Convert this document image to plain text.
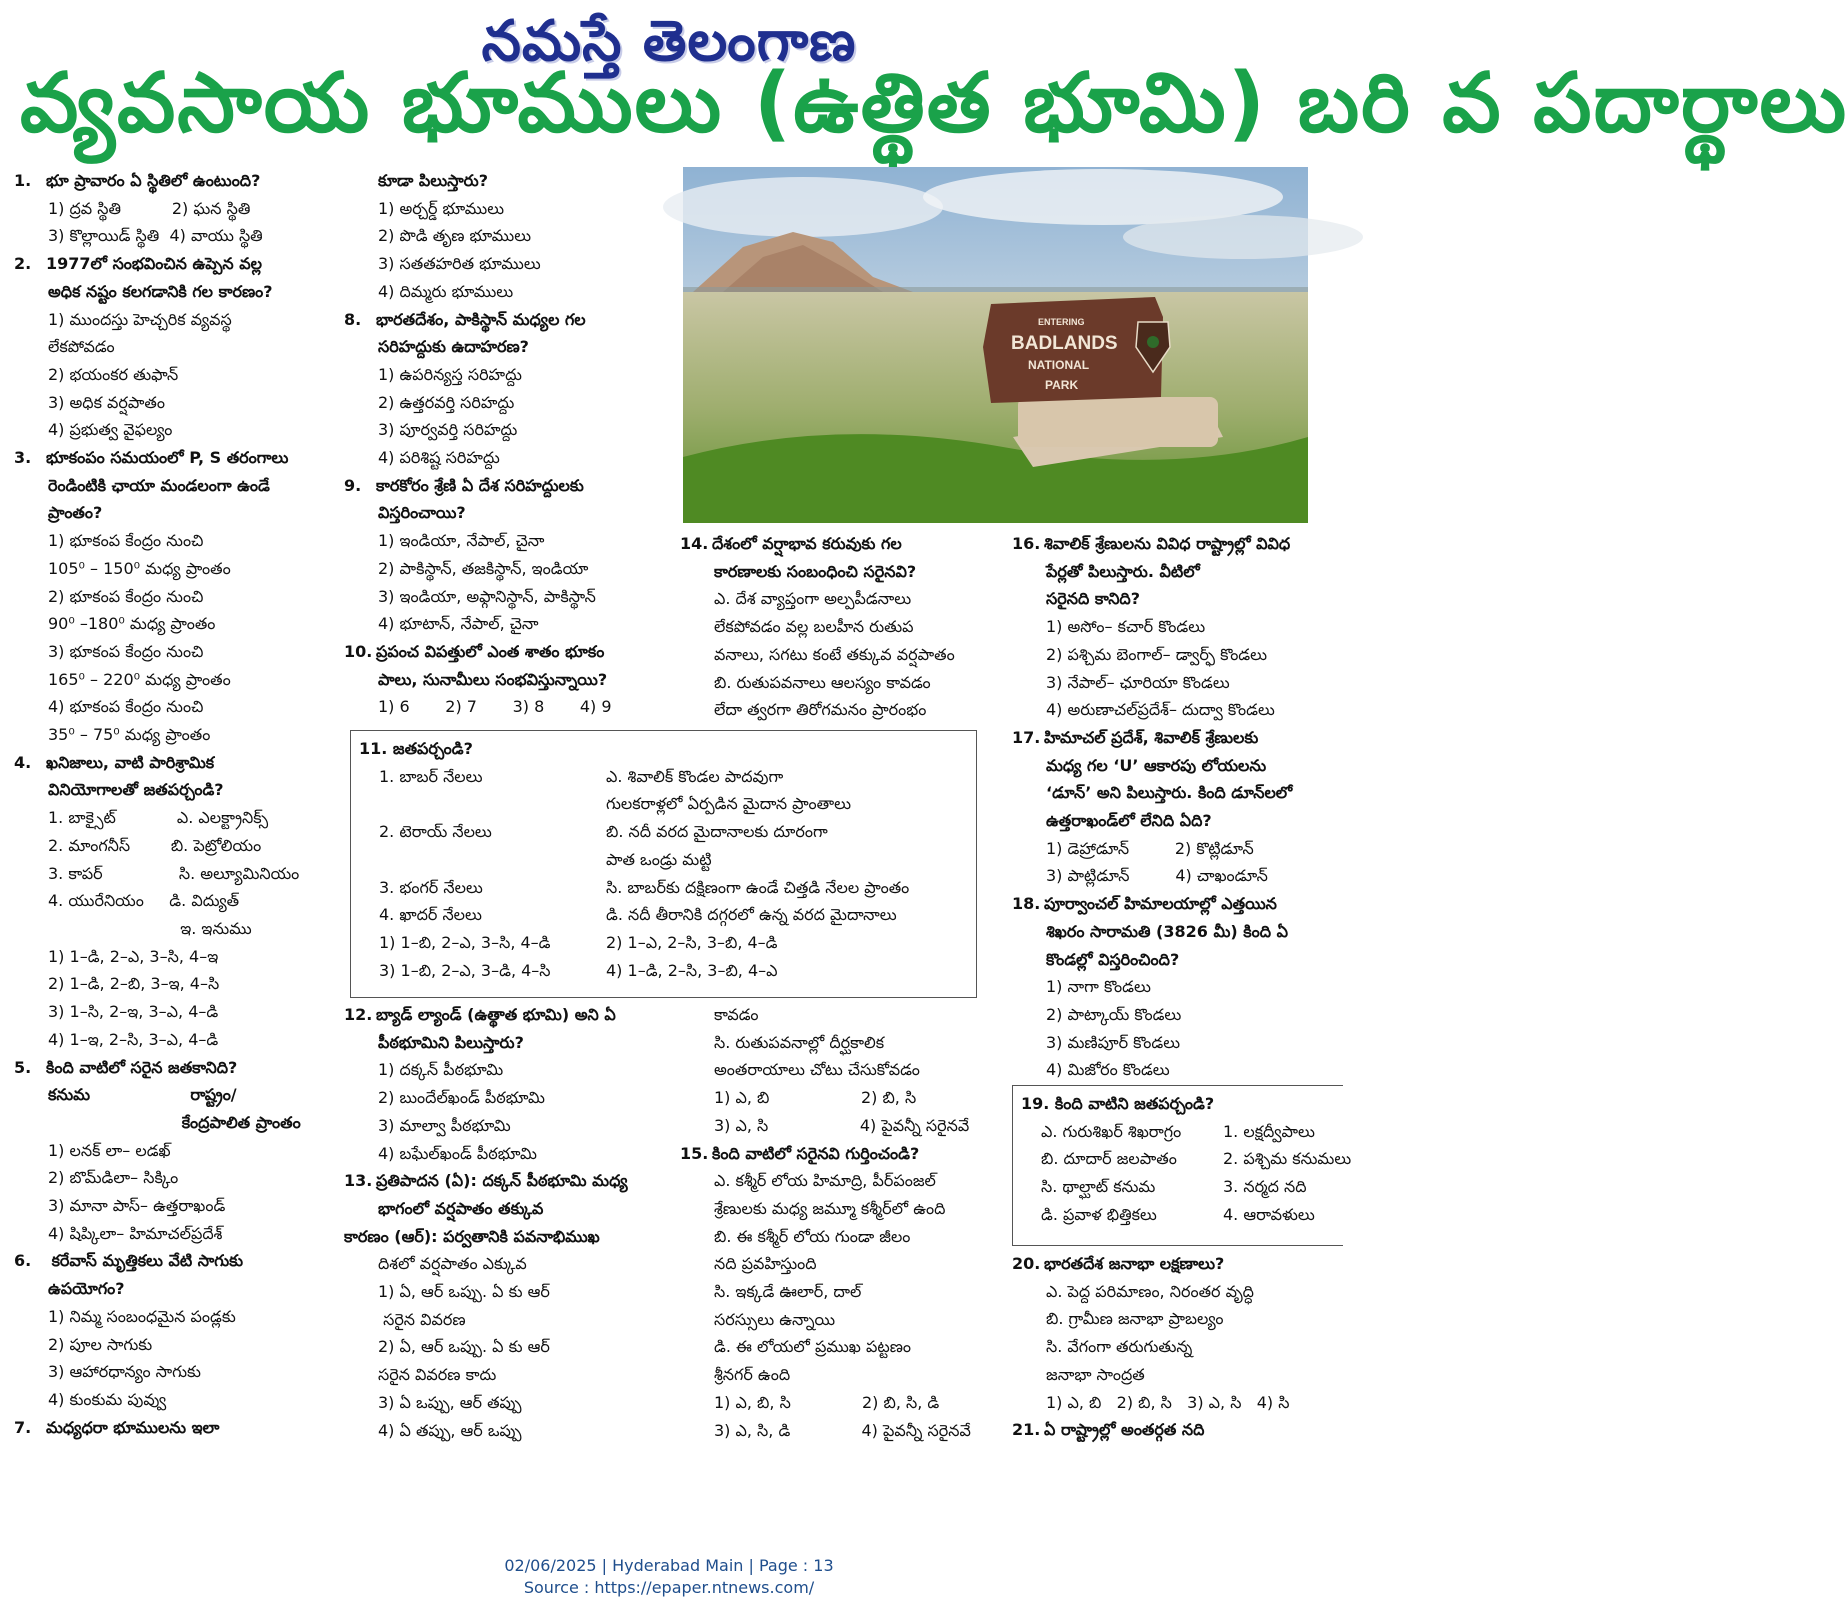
నమస్తే తెలంగాణ
వ్యవసాయ భూములు (ఉత్థిత భూమి) బరి వ పదార్థాలు
1. భూ ప్రావారం ఏ స్థితిలో ఉంటుంది?
1) ద్రవ స్థితి          2) ఘన స్థితి
3) కొల్లాయిడ్ స్థితి  4) వాయు స్థితి
2. 1977లో సంభవించిన ఉప్పెన వల్ల
అధిక నష్టం కలగడానికి గల కారణం?
1) ముందస్తు హెచ్చరిక వ్యవస్థ
లేకపోవడం
2) భయంకర తుఫాన్
3) అధిక వర్షపాతం
4) ప్రభుత్వ వైఫల్యం
3. భూకంపం సమయంలో P, S తరంగాలు
రెండింటికి ఛాయా మండలంగా ఉండే
ప్రాంతం?
1) భూకంప కేంద్రం నుంచి
105⁰ – 150⁰ మధ్య ప్రాంతం
2) భూకంప కేంద్రం నుంచి
90⁰ –180⁰ మధ్య ప్రాంతం
3) భూకంప కేంద్రం నుంచి
165⁰ – 220⁰ మధ్య ప్రాంతం
4) భూకంప కేంద్రం నుంచి
35⁰ – 75⁰ మధ్య ప్రాంతం
4. ఖనిజాలు, వాటి పారిశ్రామిక
వినియోగాలతో జతపర్చండి?
1. బాక్సైట్            ఎ. ఎలక్ట్రానిక్స్
2. మాంగనీస్        బి. పెట్రోలియం
3. కాపర్               సి. అల్యూమినియం
4. యురేనియం     డి. విద్యుత్
ఇ. ఇనుము
1) 1–డి, 2–ఎ, 3–సి, 4–ఇ
2) 1–డి, 2–బి, 3–ఇ, 4–సి
3) 1–సి, 2–ఇ, 3–ఎ, 4–డి
4) 1–ఇ, 2–సి, 3–ఎ, 4–డి
5. కింది వాటిలో సరైన జతకానిది?
కనుమ                  రాష్ట్రం/
కేంద్రపాలిత ప్రాంతం
1) లనక్ లా– లడఖ్
2) బొమ్‌డిలా– సిక్కిం
3) మానా పాస్– ఉత్తరాఖండ్
4) షిప్కిలా– హిమాచల్‌ప్రదేశ్
6. కరేవాస్ మృత్తికలు వేటి సాగుకు
ఉపయోగం?
1) నిమ్మ సంబంధమైన పండ్లకు
2) పూల సాగుకు
3) ఆహారధాన్యం సాగుకు
4) కుంకుమ పువ్వు
7. మధ్యధరా భూములను ఇలా
కూడా పిలుస్తారు?
1) అర్చర్డ్ భూములు
2) పొడి తృణ భూములు
3) సతతహరిత భూములు
4) దిమ్మరు భూములు
8. భారతదేశం, పాకిస్థాన్ మధ్యల గల
సరిహద్దుకు ఉదాహరణ?
1) ఉపరిన్యస్త సరిహద్దు
2) ఉత్తరవర్తి సరిహద్దు
3) పూర్వవర్తి సరిహద్దు
4) పరిశిష్ట సరిహద్దు
9. కారకోరం శ్రేణి ఏ దేశ సరిహద్దులకు
విస్తరించాయి?
1) ఇండియా, నేపాల్, చైనా
2) పాకిస్థాన్, తజకిస్థాన్, ఇండియా
3) ఇండియా, అఫ్గానిస్థాన్, పాకిస్థాన్
4) భూటాన్, నేపాల్, చైనా
10. ప్రపంచ విపత్తులో ఎంత శాతం భూకం
పాలు, సునామీలు సంభవిస్తున్నాయి?
1) 6       2) 7       3) 8       4) 9
ENTERING
BADLANDS
NATIONAL
PARK
14. దేశంలో వర్షాభావ కరువుకు గల
కారణాలకు సంబంధించి సరైనవి?
ఎ. దేశ వ్యాప్తంగా అల్పపీడనాలు
లేకపోవడం వల్ల బలహీన రుతుప
వనాలు, సగటు కంటే తక్కువ వర్షపాతం
బి. రుతుపవనాలు ఆలస్యం కావడం
లేదా త్వరగా తిరోగమనం ప్రారంభం
16. శివాలిక్ శ్రేణులను వివిధ రాష్ట్రాల్లో వివిధ
పేర్లతో పిలుస్తారు. వీటిలో
సరైనది కానిది?
1) అసోం– కచార్ కొండలు
2) పశ్చిమ బెంగాల్– డ్వార్ఫ్ కొండలు
3) నేపాల్– ఛూరియా కొండలు
4) అరుణాచల్‌ప్రదేశ్– దుద్వా కొండలు
17. హిమాచల్ ప్రదేశ్, శివాలిక్ శ్రేణులకు
మధ్య గల ‘U’ ఆకారపు లోయలను
‘డూన్’ అని పిలుస్తారు. కింది డూన్‌లలో
ఉత్తరాఖండ్‌లో లేనిది ఏది?
1) డెహ్రాడూన్         2) కొట్లిడూన్
3) పాట్లిడూన్         4) చాఖండూన్
18. పూర్వాంచల్ హిమాలయాల్లో ఎత్తయిన
శిఖరం సారామతి (3826 మీ) కింది ఏ
కొండల్లో విస్తరించింది?
1) నాగా కొండలు
2) పాట్కాయ్ కొండలు
3) మణిపూర్ కొండలు
4) మిజోరం కొండలు
11. జతపర్చండి?
1. బాబర్ నేలలు	ఎ. శివాలిక్ కొండల పాదవుగా
గులకరాళ్లలో ఏర్పడిన మైదాన ప్రాంతాలు
2. టెరాయ్ నేలలు	బి. నదీ వరద మైదానాలకు దూరంగా
పాత ఒండ్రు మట్టి
3. భంగర్ నేలలు	సి. బాబర్‌కు దక్షిణంగా ఉండే చిత్తడి నేలల ప్రాంతం
4. ఖాదర్ నేలలు	డి. నదీ తీరానికి దగ్గరలో ఉన్న వరద మైదానాలు
1) 1–బి, 2–ఎ, 3–సి, 4–డి	2) 1–ఎ, 2–సి, 3–బి, 4–డి
3) 1–బి, 2–ఎ, 3–డి, 4–సి	4) 1–డి, 2–సి, 3–బి, 4–ఎ
12. బ్యాడ్ ల్యాండ్ (ఉత్థాత భూమి) అని ఏ
పీఠభూమిని పిలుస్తారు?
1) దక్కన్ పీఠభూమి
2) బుందేల్‌ఖండ్ పీఠభూమి
3) మాల్వా పీఠభూమి
4) బఘేల్‌ఖండ్ పీఠభూమి
13. ప్రతిపాదన (ఏ): దక్కన్ పీఠభూమి మధ్య
భాగంలో వర్షపాతం తక్కువ
కారణం (ఆర్): పర్వతానికి పవనాభిముఖ
దిశలో వర్షపాతం ఎక్కువ
1) ఏ, ఆర్ ఒప్పు. ఏ కు ఆర్
సరైన వివరణ
2) ఏ, ఆర్ ఒప్పు. ఏ కు ఆర్
సరైన వివరణ కాదు
3) ఏ ఒప్పు, ఆర్ తప్పు
4) ఏ తప్పు, ఆర్ ఒప్పు
కావడం
సి. రుతుపవనాల్లో దీర్ఘకాలిక
అంతరాయాలు చోటు చేసుకోవడం
1) ఎ, బి                  2) బి, సి
3) ఎ, సి                  4) పైవన్నీ సరైనవే
15. కింది వాటిలో సరైనవి గుర్తించండి?
ఎ. కశ్మీర్ లోయ హిమాద్రి, పీర్‌పంజల్
శ్రేణులకు మధ్య జమ్మూ కశ్మీర్‌లో ఉంది
బి. ఈ కశ్మీర్ లోయ గుండా జీలం
నది ప్రవహిస్తుంది
సి. ఇక్కడే ఊలార్, దాల్
సరస్సులు ఉన్నాయి
డి. ఈ లోయలో ప్రముఖ పట్టణం
శ్రీనగర్ ఉంది
1) ఎ, బి, సి              2) బి, సి, డి
3) ఎ, సి, డి              4) పైవన్నీ సరైనవే
19. కింది వాటిని జతపర్చండి?
ఎ. గురుశిఖర్ శిఖరాగ్రం	1. లక్షద్వీపాలు
బి. దూదార్ జలపాతం	2. పశ్చిమ కనుమలు
సి. థాల్ఘాట్ కనుమ	3. నర్మద నది
డి. ప్రవాళ భిత్తికలు	4. ఆరావళులు
20. భారతదేశ జనాభా లక్షణాలు?
ఎ. పెద్ద పరిమాణం, నిరంతర వృద్ధి
బి. గ్రామీణ జనాభా ప్రాబల్యం
సి. వేగంగా తరుగుతున్న
జనాభా సాంద్రత
1) ఎ, బి   2) బి, సి   3) ఎ, సి   4) సి
21. ఏ రాష్ట్రాల్లో అంతర్గత నది
02/06/2025 | Hyderabad Main | Page : 13
Source : https://epaper.ntnews.com/
